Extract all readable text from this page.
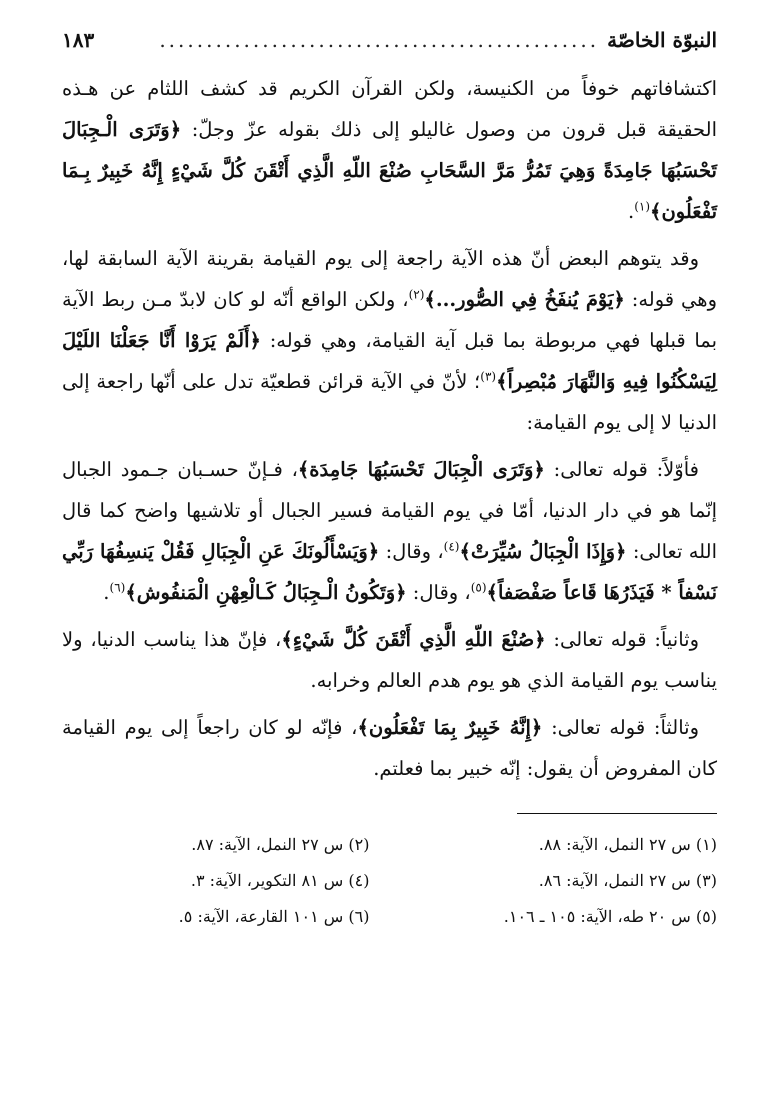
النبوّة الخاصّة
...............................................
١٨٣

اكتشافاتهم خوفاً من الكنيسة، ولكن القرآن الكريم قد كشف اللثام عن هـذه الحقيقة قبل قرون من وصول غاليلو إلى ذلك بقوله عزّ وجلّ: ﴿وَتَرَى الْـجِبَالَ تَحْسَبُهَا جَامِدَةً وَهِيَ تَمُرُّ مَرَّ السَّحَابِ صُنْعَ اللّهِ الَّذِي أَتْقَنَ كُلَّ شَيْءٍ إِنَّهُ خَبِيرٌ بِـمَا تَفْعَلُون﴾$^{(١)}$.

وقد يتوهم البعض أنّ هذه الآية راجعة إلى يوم القيامة بقرينة الآية السابقة لها، وهي قوله: ﴿يَوْمَ يُنفَخُ فِي الصُّور...﴾$^{(٢)}$، ولكن الواقع أنّه لو كان لابدّ مـن ربط الآية بما قبلها فهي مربوطة بما قبل آية القيامة، وهي قوله: ﴿أَلَمْ يَرَوْا أَنَّا جَعَلْنَا اللَيْلَ لِيَسْكُنُوا فِيهِ وَالنَّهَارَ مُبْصِراً﴾$^{(٣)}$؛ لأنّ في الآية قرائن قطعيّة تدل على أنّها راجعة إلى الدنيا لا إلى يوم القيامة:

فأوّلاً: قوله تعالى: ﴿وَتَرَى الْجِبَالَ تَحْسَبُهَا جَامِدَة﴾، فـإنّ حسـبان جـمود الجبال إنّما هو في دار الدنيا، أمّا في يوم القيامة فسير الجبال أو تلاشيها واضح كما قال الله تعالى: ﴿وَإِذَا الْجِبَالُ سُيِّرَتْ﴾$^{(٤)}$، وقال: ﴿وَيَسْأَلُونَكَ عَنِ الْجِبَالِ فَقُلْ يَنسِفُهَا رَبِّي نَسْفاً * فَيَذَرُهَا قَاعاً صَفْصَفاً﴾$^{(٥)}$، وقال: ﴿وَتَكُونُ الْـجِبَالُ كَـالْعِهْنِ الْمَنفُوش﴾$^{(٦)}$.

وثانياً: قوله تعالى: ﴿صُنْعَ اللّهِ الَّذِي أَتْقَنَ كُلَّ شَيْءٍ﴾، فإنّ هذا يناسب الدنيا، ولا يناسب يوم القيامة الذي هو يوم هدم العالم وخرابه.

وثالثاً: قوله تعالى: ﴿إِنَّهُ خَبِيرٌ بِمَا تَفْعَلُون﴾، فإنّه لو كان راجعاً إلى يوم القيامة كان المفروض أن يقول: إنّه خبير بما فعلتم.

(١) س ٢٧ النمل، الآية: ٨٨.
(٢) س ٢٧ النمل، الآية: ٨٧.
(٣) س ٢٧ النمل، الآية: ٨٦.
(٤) س ٨١ التكوير، الآية: ٣.
(٥) س ٢٠ طه، الآية: ١٠٥ ـ ١٠٦.
(٦) س ١٠١ القارعة، الآية: ٥.
